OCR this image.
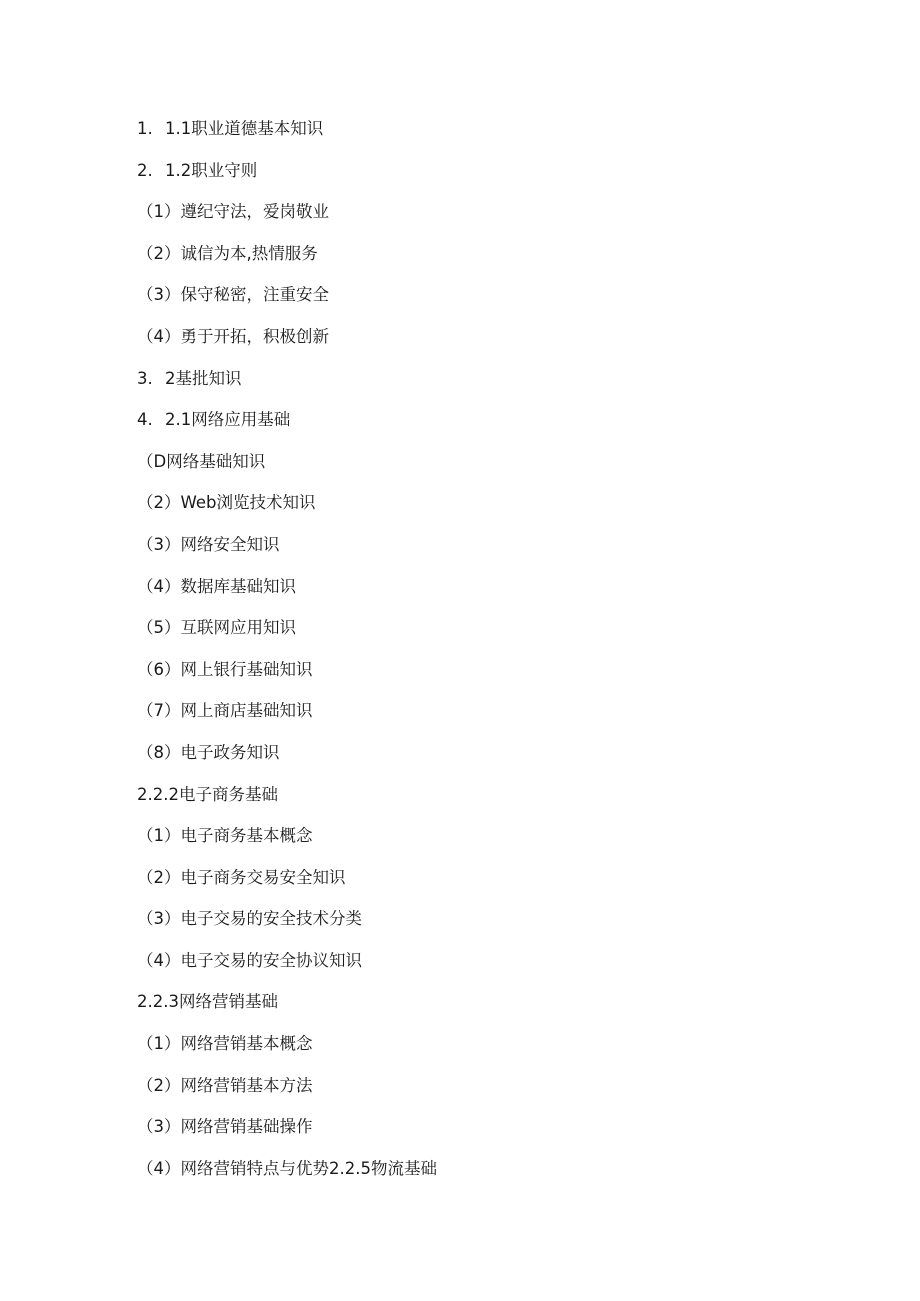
1. 1.1职业道德基本知识
2. 1.2职业守则
（1）遵纪守法，爱岗敬业
（2）诚信为本,热情服务
（3）保守秘密，注重安全
（4）勇于开拓，积极创新
3. 2基批知识
4. 2.1网络应用基础
（D网络基础知识
（2）Web浏览技术知识
（3）网络安全知识
（4）数据库基础知识
（5）互联网应用知识
（6）网上银行基础知识
（7）网上商店基础知识
（8）电子政务知识
2.2.2电子商务基础
（1）电子商务基本概念
（2）电子商务交易安全知识
（3）电子交易的安全技术分类
（4）电子交易的安全协议知识
2.2.3网络营销基础
（1）网络营销基本概念
（2）网络营销基本方法
（3）网络营销基础操作
（4）网络营销特点与优势2.2.5物流基础
